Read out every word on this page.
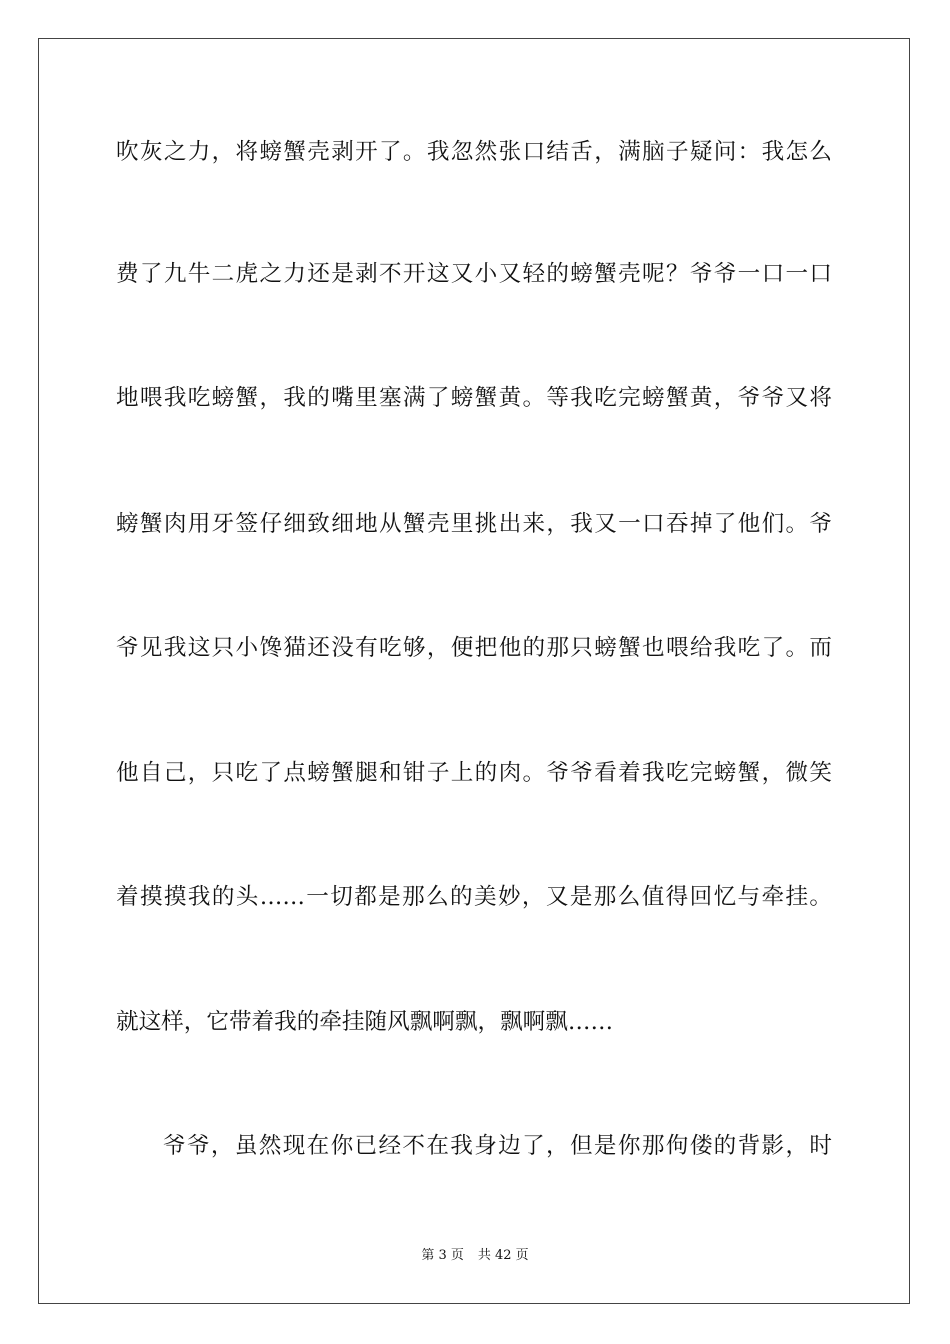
吹灰之力，将螃蟹壳剥开了。我忽然张口结舌，满脑子疑问：我怎么
费了九牛二虎之力还是剥不开这又小又轻的螃蟹壳呢？爷爷一口一口
地喂我吃螃蟹，我的嘴里塞满了螃蟹黄。等我吃完螃蟹黄，爷爷又将
螃蟹肉用牙签仔细致细地从蟹壳里挑出来，我又一口吞掉了他们。爷
爷见我这只小馋猫还没有吃够，便把他的那只螃蟹也喂给我吃了。而
他自己，只吃了点螃蟹腿和钳子上的肉。爷爷看着我吃完螃蟹，微笑
着摸摸我的头……一切都是那么的美妙，又是那么值得回忆与牵挂。
就这样，它带着我的牵挂随风飘啊飘，飘啊飘……
爷爷，虽然现在你已经不在我身边了，但是你那佝偻的背影，时
第 3 页 共 42 页
